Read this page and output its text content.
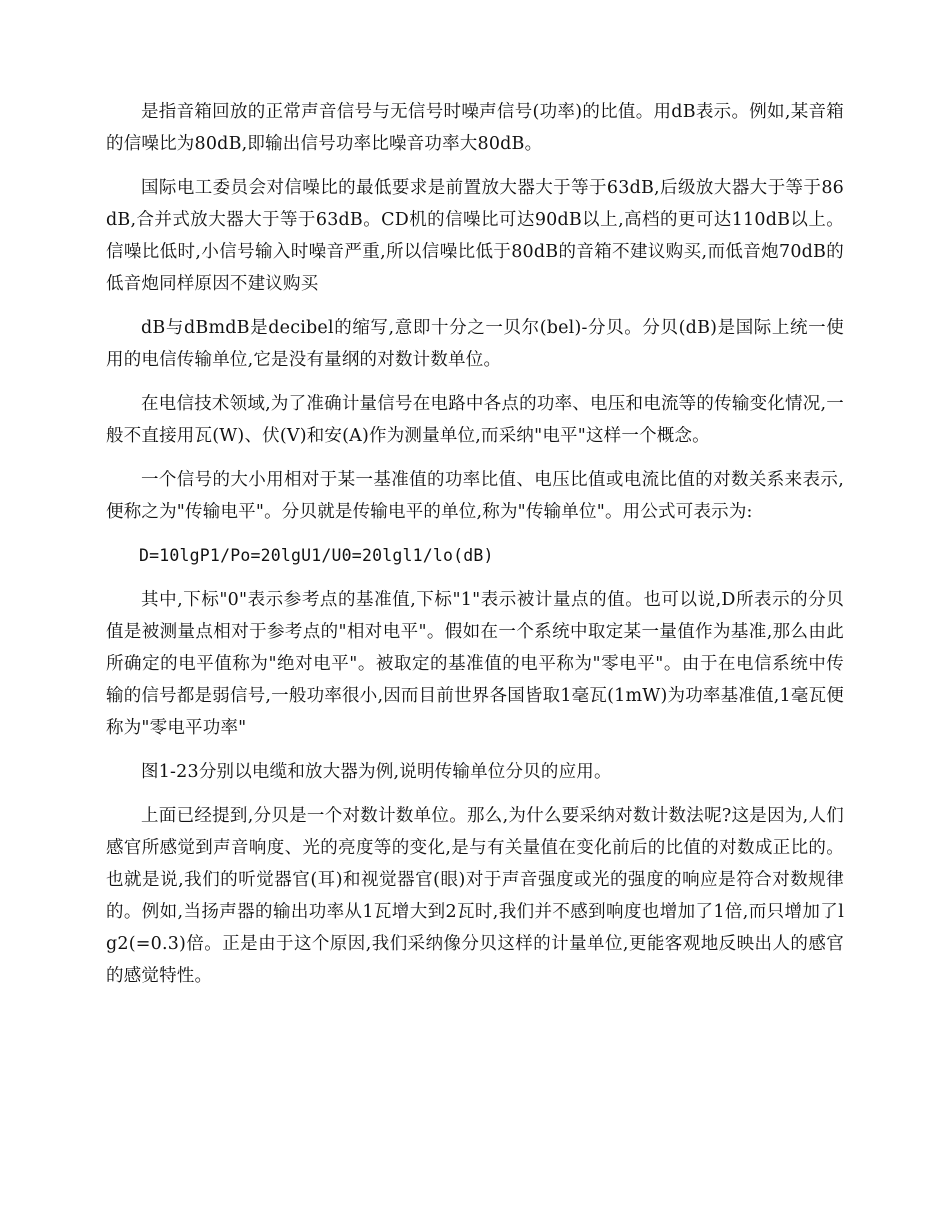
是指音箱回放的正常声音信号与无信号时噪声信号(功率)的比值。用dB表示。例如,某音箱的信噪比为80dB,即输出信号功率比噪音功率大80dB。

国际电工委员会对信噪比的最低要求是前置放大器大于等于63dB,后级放大器大于等于86dB,合并式放大器大于等于63dB。CD机的信噪比可达90dB以上,高档的更可达110dB以上。信噪比低时,小信号输入时噪音严重,所以信噪比低于80dB的音箱不建议购买,而低音炮70dB的低音炮同样原因不建议购买

dB与dBmdB是decibel的缩写,意即十分之一贝尔(bel)-分贝。分贝(dB)是国际上统一使用的电信传输单位,它是没有量纲的对数计数单位。

在电信技术领域,为了准确计量信号在电路中各点的功率、电压和电流等的传输变化情况,一般不直接用瓦(W)、伏(V)和安(A)作为测量单位,而采纳"电平"这样一个概念。

一个信号的大小用相对于某一基准值的功率比值、电压比值或电流比值的对数关系来表示,便称之为"传输电平"。分贝就是传输电平的单位,称为"传输单位"。用公式可表示为:

D=10lgP1/Po=20lgU1/U0=20lgl1/lo(dB)

其中,下标"0"表示参考点的基准值,下标"1"表示被计量点的值。也可以说,D所表示的分贝值是被测量点相对于参考点的"相对电平"。假如在一个系统中取定某一量值作为基准,那么由此所确定的电平值称为"绝对电平"。被取定的基准值的电平称为"零电平"。由于在电信系统中传输的信号都是弱信号,一般功率很小,因而目前世界各国皆取1毫瓦(1mW)为功率基准值,1毫瓦便称为"零电平功率"

图1-23分别以电缆和放大器为例,说明传输单位分贝的应用。

上面已经提到,分贝是一个对数计数单位。那么,为什么要采纳对数计数法呢?这是因为,人们感官所感觉到声音响度、光的亮度等的变化,是与有关量值在变化前后的比值的对数成正比的。也就是说,我们的听觉器官(耳)和视觉器官(眼)对于声音强度或光的强度的响应是符合对数规律的。例如,当扬声器的输出功率从1瓦增大到2瓦时,我们并不感到响度也增加了1倍,而只增加了lg2(=0.3)倍。正是由于这个原因,我们采纳像分贝这样的计量单位,更能客观地反映出人的感官的感觉特性。
